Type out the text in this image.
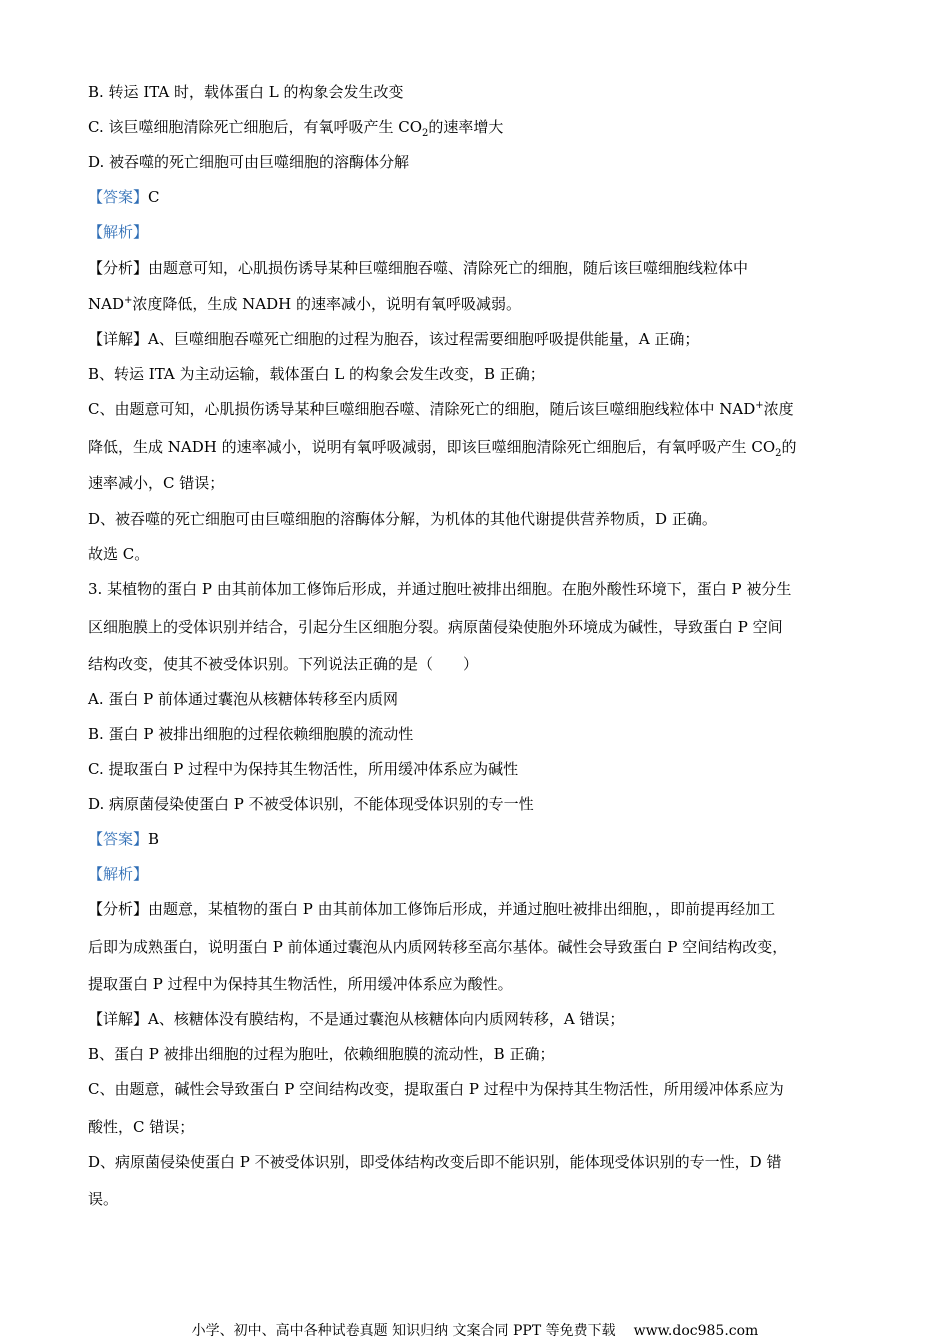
B. 转运 ITA 时，载体蛋白 L 的构象会发生改变
C. 该巨噬细胞清除死亡细胞后，有氧呼吸产生 $CO_2$的速率增大
D. 被吞噬的死亡细胞可由巨噬细胞的溶酶体分解
【答案】C
【解析】
【分析】由题意可知，心肌损伤诱导某种巨噬细胞吞噬、清除死亡的细胞，随后该巨噬细胞线粒体中
NAD+浓度降低，生成 NADH 的速率减小，说明有氧呼吸减弱。
【详解】A、巨噬细胞吞噬死亡细胞的过程为胞吞，该过程需要细胞呼吸提供能量，A 正确；
B、转运 ITA 为主动运输，载体蛋白 L 的构象会发生改变，B 正确；
C、由题意可知，心肌损伤诱导某种巨噬细胞吞噬、清除死亡的细胞，随后该巨噬细胞线粒体中 NAD+浓度
降低，生成 NADH 的速率减小，说明有氧呼吸减弱，即该巨噬细胞清除死亡细胞后，有氧呼吸产生 $CO_2$的
速率减小，C 错误；
D、被吞噬的死亡细胞可由巨噬细胞的溶酶体分解，为机体的其他代谢提供营养物质，D 正确。
故选 C。
3. 某植物的蛋白 P 由其前体加工修饰后形成，并通过胞吐被排出细胞。在胞外酸性环境下，蛋白 P 被分生
区细胞膜上的受体识别并结合，引起分生区细胞分裂。病原菌侵染使胞外环境成为碱性，导致蛋白 P 空间
结构改变，使其不被受体识别。下列说法正确的是（　　）
A. 蛋白 P 前体通过囊泡从核糖体转移至内质网
B. 蛋白 P 被排出细胞的过程依赖细胞膜的流动性
C. 提取蛋白 P 过程中为保持其生物活性，所用缓冲体系应为碱性
D. 病原菌侵染使蛋白 P 不被受体识别，不能体现受体识别的专一性
【答案】B
【解析】
【分析】由题意，某植物的蛋白 P 由其前体加工修饰后形成，并通过胞吐被排出细胞，，即前提再经加工
后即为成熟蛋白，说明蛋白 P 前体通过囊泡从内质网转移至高尔基体。碱性会导致蛋白 P 空间结构改变，
提取蛋白 P 过程中为保持其生物活性，所用缓冲体系应为酸性。
【详解】A、核糖体没有膜结构，不是通过囊泡从核糖体向内质网转移，A 错误；
B、蛋白 P 被排出细胞的过程为胞吐，依赖细胞膜的流动性，B 正确；
C、由题意，碱性会导致蛋白 P 空间结构改变，提取蛋白 P 过程中为保持其生物活性，所用缓冲体系应为
酸性，C 错误；
D、病原菌侵染使蛋白 P 不被受体识别，即受体结构改变后即不能识别，能体现受体识别的专一性，D 错
误。
小学、初中、高中各种试卷真题 知识归纳 文案合同 PPT 等免费下载 www.doc985.com
